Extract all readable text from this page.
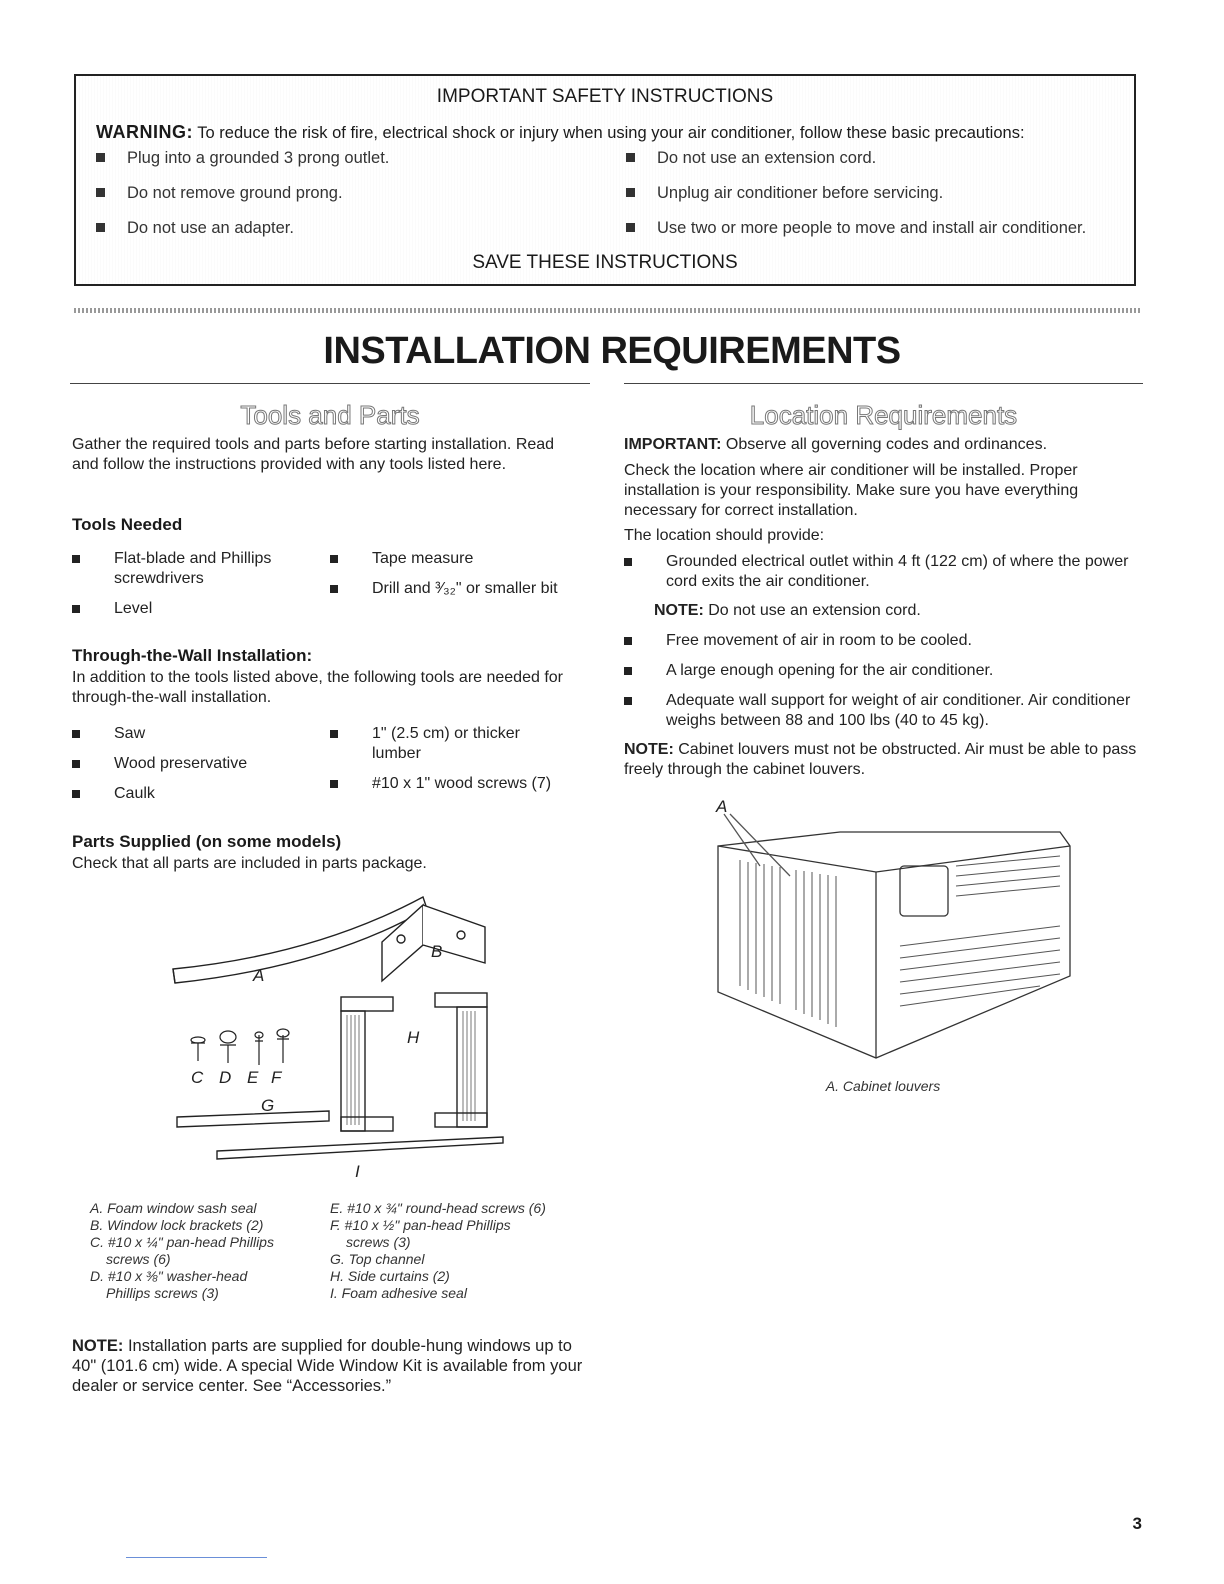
IMPORTANT SAFETY INSTRUCTIONS
WARNING: To reduce the risk of fire, electrical shock or injury when using your air conditioner, follow these basic precautions:
Plug into a grounded 3 prong outlet.
Do not remove ground prong.
Do not use an adapter.
Do not use an extension cord.
Unplug air conditioner before servicing.
Use two or more people to move and install air conditioner.
SAVE THESE INSTRUCTIONS
INSTALLATION REQUIREMENTS
Tools and Parts
Gather the required tools and parts before starting installation. Read and follow the instructions provided with any tools listed here.
Tools Needed
Flat-blade and Phillips screwdrivers
Level
Tape measure
Drill and ³⁄₃₂" or smaller bit
Through-the-Wall Installation:
In addition to the tools listed above, the following tools are needed for through-the-wall installation.
Saw
Wood preservative
Caulk
1" (2.5 cm) or thicker lumber
#10 x 1" wood screws (7)
Parts Supplied (on some models)
Check that all parts are included in parts package.
A
B
C D E F
G
H
I
A. Foam window sash seal
B. Window lock brackets (2)
C. #10 x ¼" pan-head Phillips
screws (6)
D. #10 x ⅜" washer-head
Phillips screws (3)
E. #10 x ¾" round-head screws (6)
F. #10 x ½" pan-head Phillips
screws (3)
G. Top channel
H. Side curtains (2)
I. Foam adhesive seal
NOTE: Installation parts are supplied for double-hung windows up to 40" (101.6 cm) wide. A special Wide Window Kit is available from your dealer or service center. See “Accessories.”
Location Requirements
IMPORTANT: Observe all governing codes and ordinances.
Check the location where air conditioner will be installed. Proper installation is your responsibility. Make sure you have everything necessary for correct installation.
The location should provide:
Grounded electrical outlet within 4 ft (122 cm) of where the power cord exits the air conditioner.
NOTE: Do not use an extension cord.
Free movement of air in room to be cooled.
A large enough opening for the air conditioner.
Adequate wall support for weight of air conditioner. Air conditioner weighs between 88 and 100 lbs (40 to 45 kg).
NOTE: Cabinet louvers must not be obstructed. Air must be able to pass freely through the cabinet louvers.
A
A. Cabinet louvers
3
